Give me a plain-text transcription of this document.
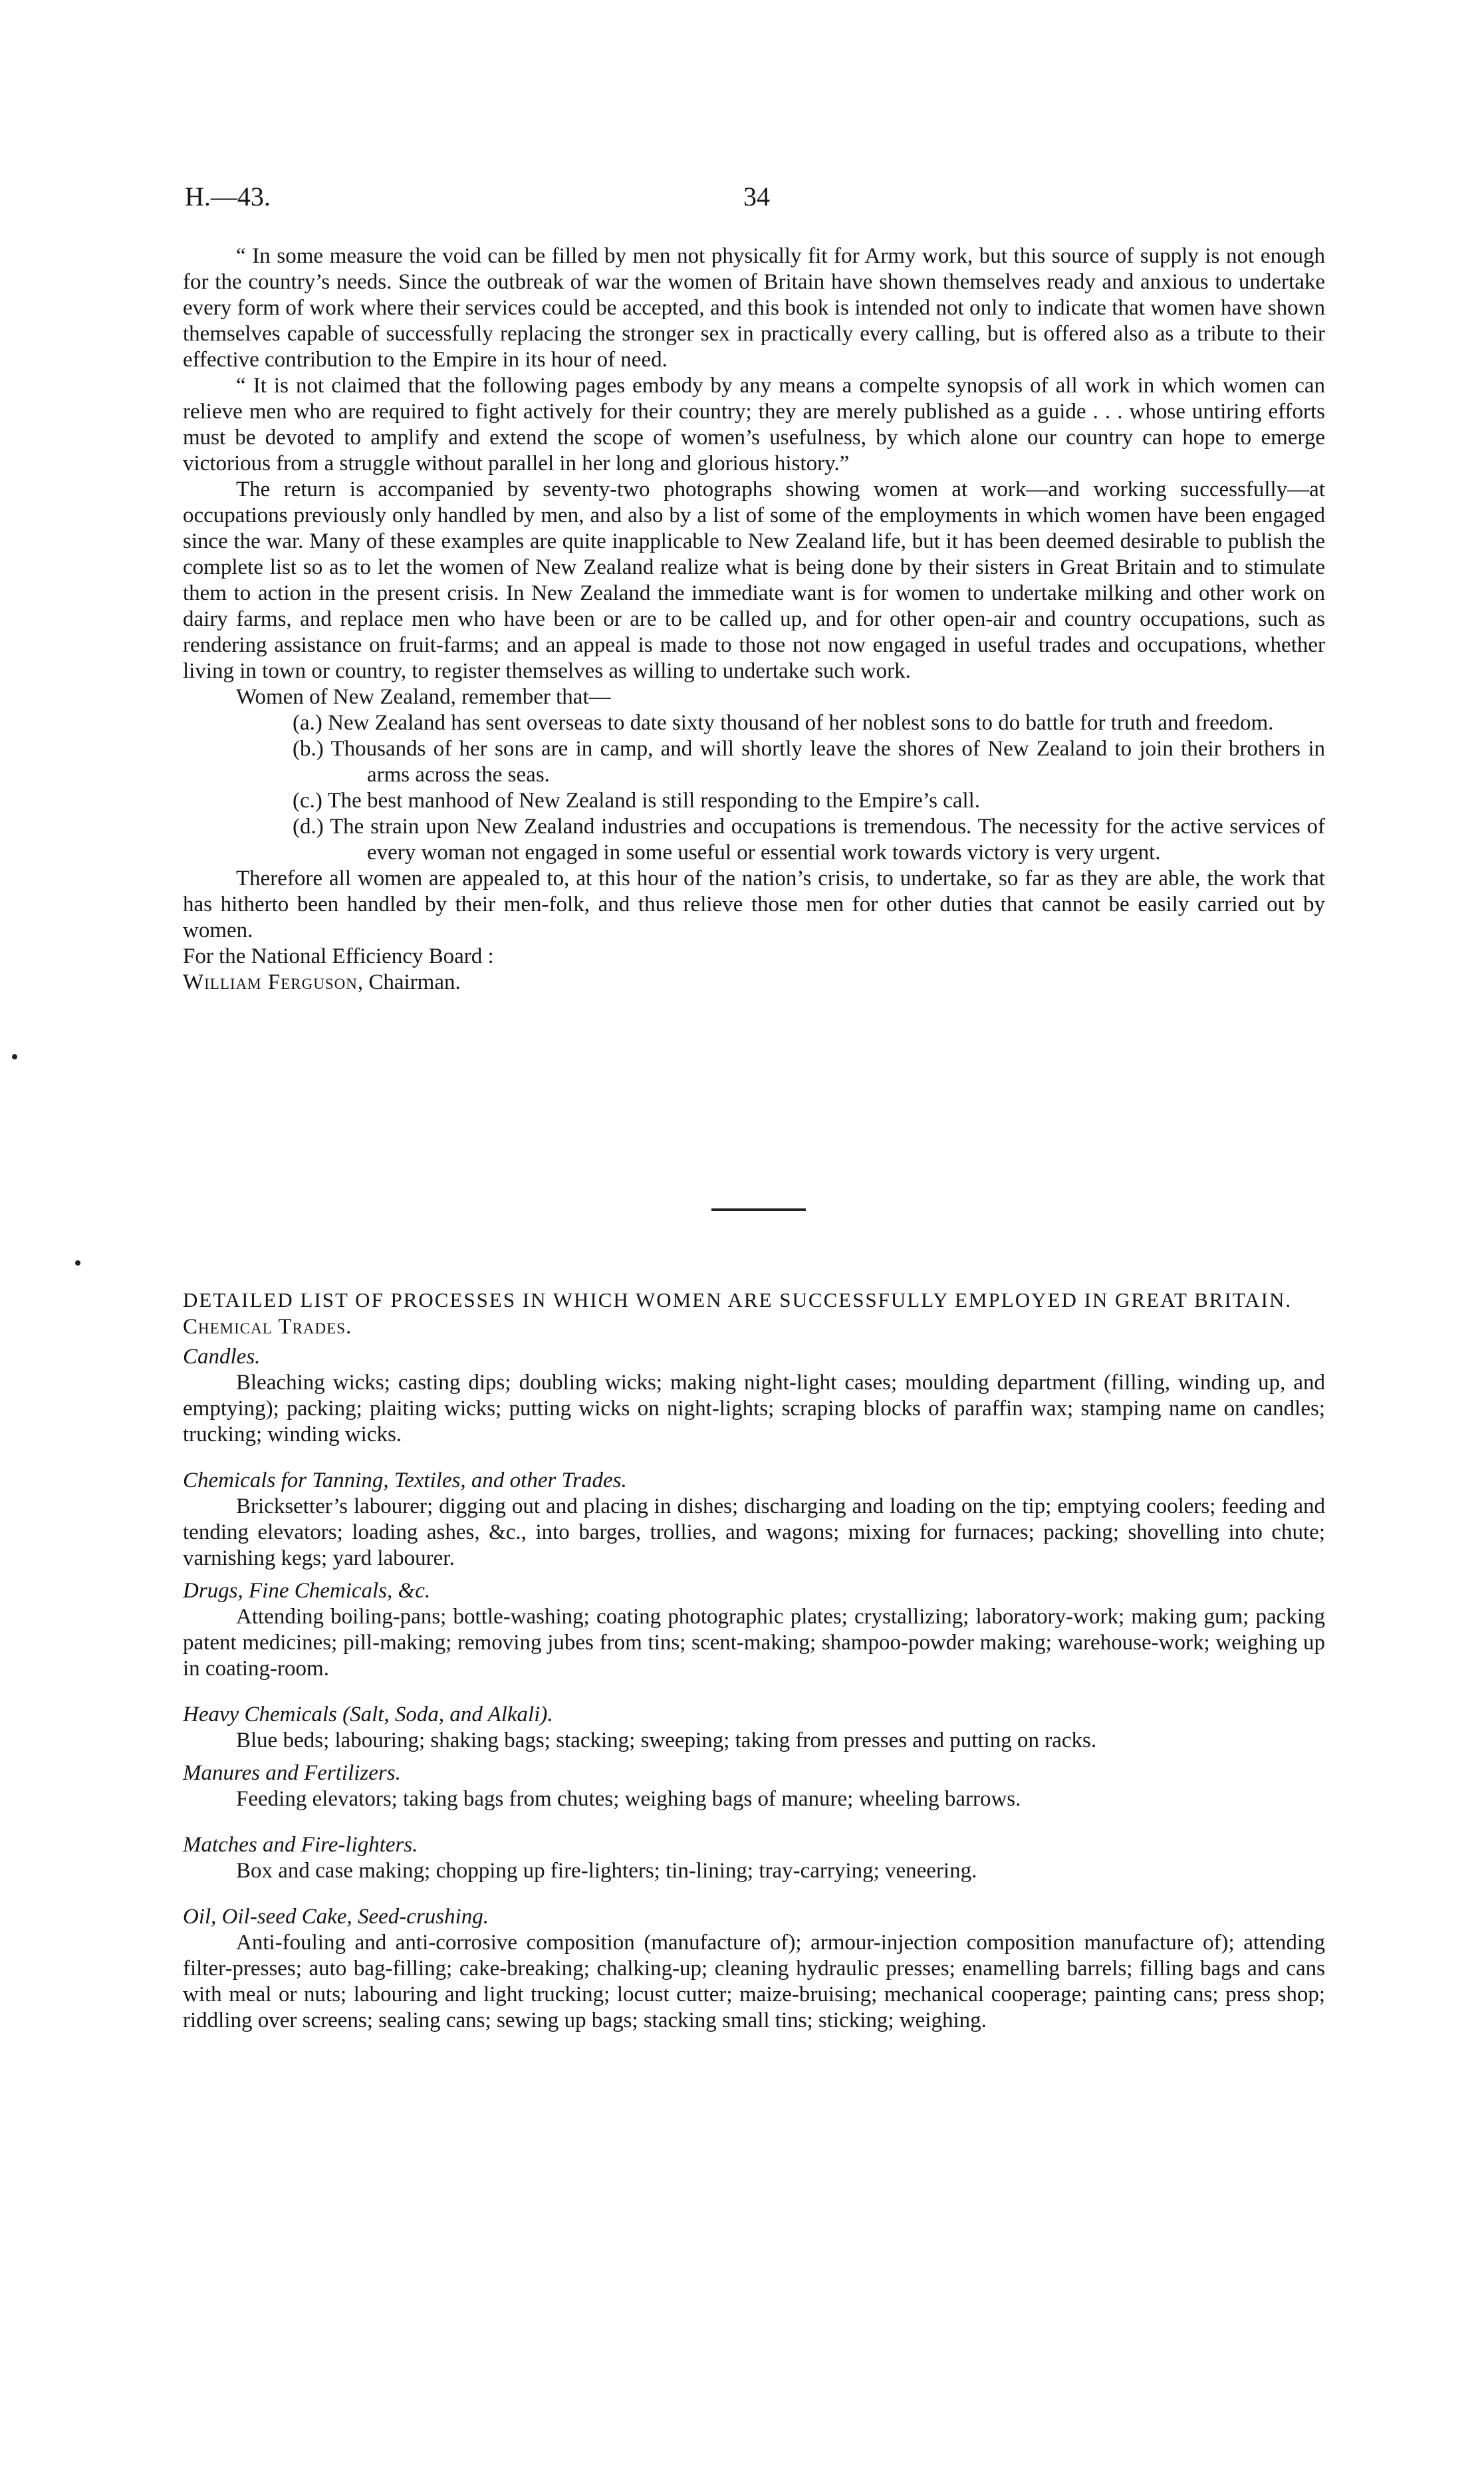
H.—43.	34

“ In some measure the void can be filled by men not physically fit for Army work, but this source of supply is not enough for the country’s needs. Since the outbreak of war the women of Britain have shown themselves ready and anxious to undertake every form of work where their services could be accepted, and this book is intended not only to indicate that women have shown themselves capable of successfully replacing the stronger sex in practically every calling, but is offered also as a tribute to their effective contribution to the Empire in its hour of need.

“ It is not claimed that the following pages embody by any means a compelte synopsis of all work in which women can relieve men who are required to fight actively for their country; they are merely published as a guide . . . whose untiring efforts must be devoted to amplify and extend the scope of women’s usefulness, by which alone our country can hope to emerge victorious from a struggle without parallel in her long and glorious history.”

The return is accompanied by seventy-two photographs showing women at work—and working successfully—at occupations previously only handled by men, and also by a list of some of the employments in which women have been engaged since the war. Many of these examples are quite inapplicable to New Zealand life, but it has been deemed desirable to publish the complete list so as to let the women of New Zealand realize what is being done by their sisters in Great Britain and to stimulate them to action in the present crisis. In New Zealand the immediate want is for women to undertake milking and other work on dairy farms, and replace men who have been or are to be called up, and for other open-air and country occupations, such as rendering assistance on fruit-farms; and an appeal is made to those not now engaged in useful trades and occupations, whether living in town or country, to register themselves as willing to undertake such work.

Women of New Zealand, remember that—

(a.) New Zealand has sent overseas to date sixty thousand of her noblest sons to do battle for truth and freedom.
(b.) Thousands of her sons are in camp, and will shortly leave the shores of New Zealand to join their brothers in arms across the seas.
(c.) The best manhood of New Zealand is still responding to the Empire’s call.
(d.) The strain upon New Zealand industries and occupations is tremendous. The necessity for the active services of every woman not engaged in some useful or essential work towards victory is very urgent.

Therefore all women are appealed to, at this hour of the nation’s crisis, to undertake, so far as they are able, the work that has hitherto been handled by their men-folk, and thus relieve those men for other duties that cannot be easily carried out by women.

For the National Efficiency Board :

William Ferguson, Chairman.

DETAILED LIST OF PROCESSES IN WHICH WOMEN ARE SUCCESSFULLY EMPLOYED IN GREAT BRITAIN.

Chemical Trades.

Candles.

Bleaching wicks; casting dips; doubling wicks; making night-light cases; moulding department (filling, winding up, and emptying); packing; plaiting wicks; putting wicks on night-lights; scraping blocks of paraffin wax; stamping name on candles; trucking; winding wicks.

Chemicals for Tanning, Textiles, and other Trades.

Bricksetter’s labourer; digging out and placing in dishes; discharging and loading on the tip; emptying coolers; feeding and tending elevators; loading ashes, &c., into barges, trollies, and wagons; mixing for furnaces; packing; shovelling into chute; varnishing kegs; yard labourer.

Drugs, Fine Chemicals, &c.

Attending boiling-pans; bottle-washing; coating photographic plates; crystallizing; laboratory-work; making gum; packing patent medicines; pill-making; removing jubes from tins; scent-making; shampoo-powder making; warehouse-work; weighing up in coating-room.

Heavy Chemicals (Salt, Soda, and Alkali).

Blue beds; labouring; shaking bags; stacking; sweeping; taking from presses and putting on racks.

Manures and Fertilizers.

Feeding elevators; taking bags from chutes; weighing bags of manure; wheeling barrows.

Matches and Fire-lighters.

Box and case making; chopping up fire-lighters; tin-lining; tray-carrying; veneering.

Oil, Oil-seed Cake, Seed-crushing.

Anti-fouling and anti-corrosive composition (manufacture of); armour-injection composition manufacture of); attending filter-presses; auto bag-filling; cake-breaking; chalking-up; cleaning hydraulic presses; enamelling barrels; filling bags and cans with meal or nuts; labouring and light trucking; locust cutter; maize-bruising; mechanical cooperage; painting cans; press shop; riddling over screens; sealing cans; sewing up bags; stacking small tins; sticking; weighing.
